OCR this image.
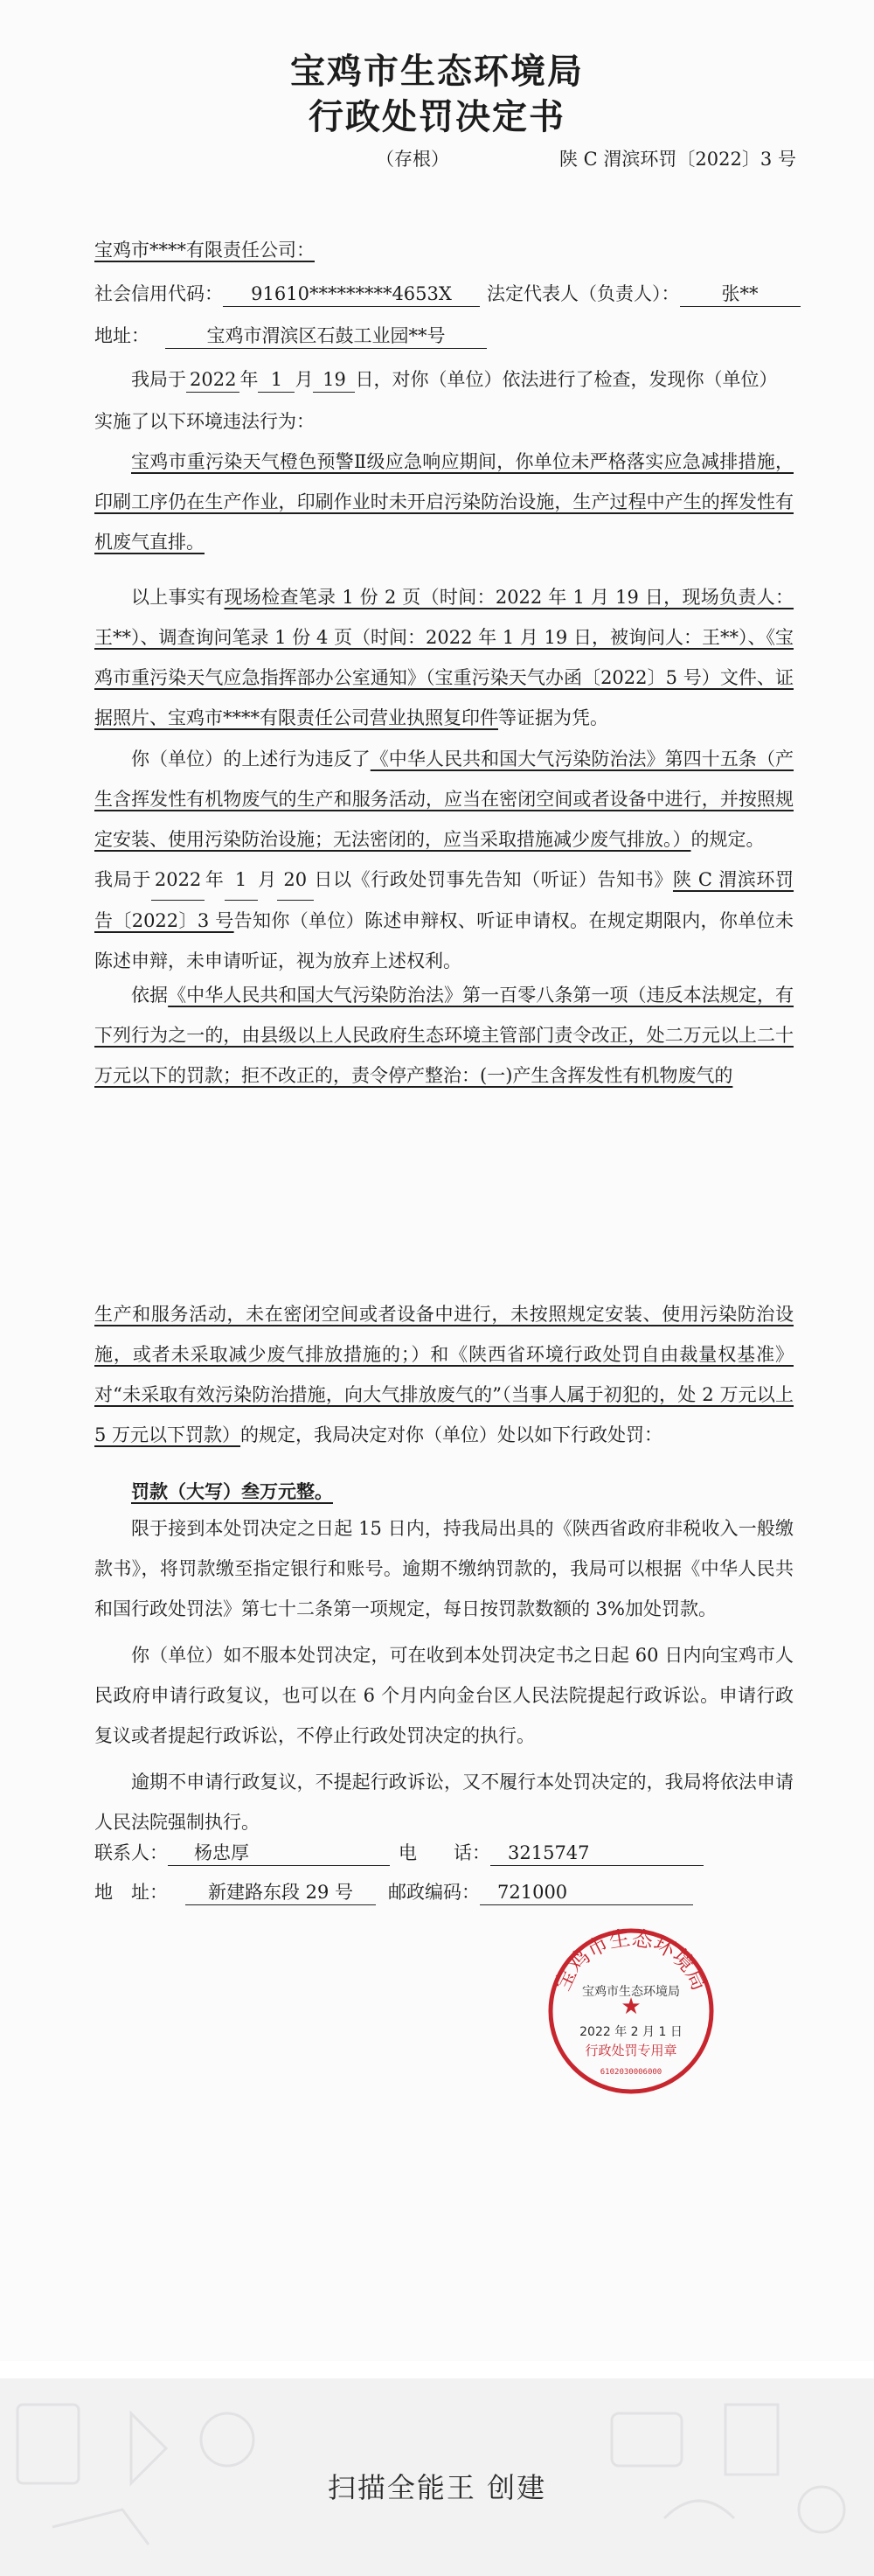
宝鸡市生态环境局
行政处罚决定书
（存根）	陕 C 渭滨环罚〔2022〕3 号
宝鸡市****有限责任公司：
社会信用代码： 91610*********4653X 法定代表人（负责人）： 张**
地址：	宝鸡市渭滨区石鼓工业园**号
我局于 2022 年 1 月 19 日，对你（单位）依法进行了检查，发现你（单位）
实施了以下环境违法行为：
宝鸡市重污染天气橙色预警Ⅱ级应急响应期间，你单位未严格落实应急减排措施，印刷工序仍在生产作业，印刷作业时未开启污染防治设施，生产过程中产生的挥发性有机废气直排。
以上事实有现场检查笔录 1 份 2 页（时间：2022 年 1 月 19 日，现场负责人：王**）、调查询问笔录 1 份 4 页（时间：2022 年 1 月 19 日，被询问人：王**）、《宝鸡市重污染天气应急指挥部办公室通知》（宝重污染天气办函〔2022〕5 号）文件、证据照片、宝鸡市****有限责任公司营业执照复印件等证据为凭。
你（单位）的上述行为违反了《中华人民共和国大气污染防治法》第四十五条（产生含挥发性有机物废气的生产和服务活动，应当在密闭空间或者设备中进行，并按照规定安装、使用污染防治设施；无法密闭的，应当采取措施减少废气排放。）的规定。
我局于 2022 年 1 月 20 日以《行政处罚事先告知（听证）告知书》陕 C 渭滨环罚告〔2022〕3 号告知你（单位）陈述申辩权、听证申请权。在规定期限内，你单位未陈述申辩，未申请听证，视为放弃上述权利。
依据《中华人民共和国大气污染防治法》第一百零八条第一项（违反本法规定，有下列行为之一的，由县级以上人民政府生态环境主管部门责令改正，处二万元以上二十万元以下的罚款；拒不改正的，责令停产整治：(一)产生含挥发性有机物废气的
生产和服务活动，未在密闭空间或者设备中进行，未按照规定安装、使用污染防治设施，或者未采取减少废气排放措施的；）和《陕西省环境行政处罚自由裁量权基准》对“未采取有效污染防治措施，向大气排放废气的”（当事人属于初犯的，处 2 万元以上 5 万元以下罚款）的规定，我局决定对你（单位）处以如下行政处罚：
罚款（大写）叁万元整。
限于接到本处罚决定之日起 15 日内，持我局出具的《陕西省政府非税收入一般缴款书》，将罚款缴至指定银行和账号。逾期不缴纳罚款的，我局可以根据《中华人民共和国行政处罚法》第七十二条第一项规定，每日按罚款数额的 3%加处罚款。
你（单位）如不服本处罚决定，可在收到本处罚决定书之日起 60 日内向宝鸡市人民政府申请行政复议，也可以在 6 个月内向金台区人民法院提起行政诉讼。申请行政复议或者提起行政诉讼，不停止行政处罚决定的执行。
逾期不申请行政复议，不提起行政诉讼，又不履行本处罚决定的，我局将依法申请人民法院强制执行。
联系人： 杨忠厚	电　　话： 3215747
地　址： 新建路东段 29 号 邮政编码： 721000
宝鸡市生态环境局
★
宝鸡市生态环境局
2022 年 2 月 1 日
行政处罚专用章
6102030006000
扫描全能王 创建
